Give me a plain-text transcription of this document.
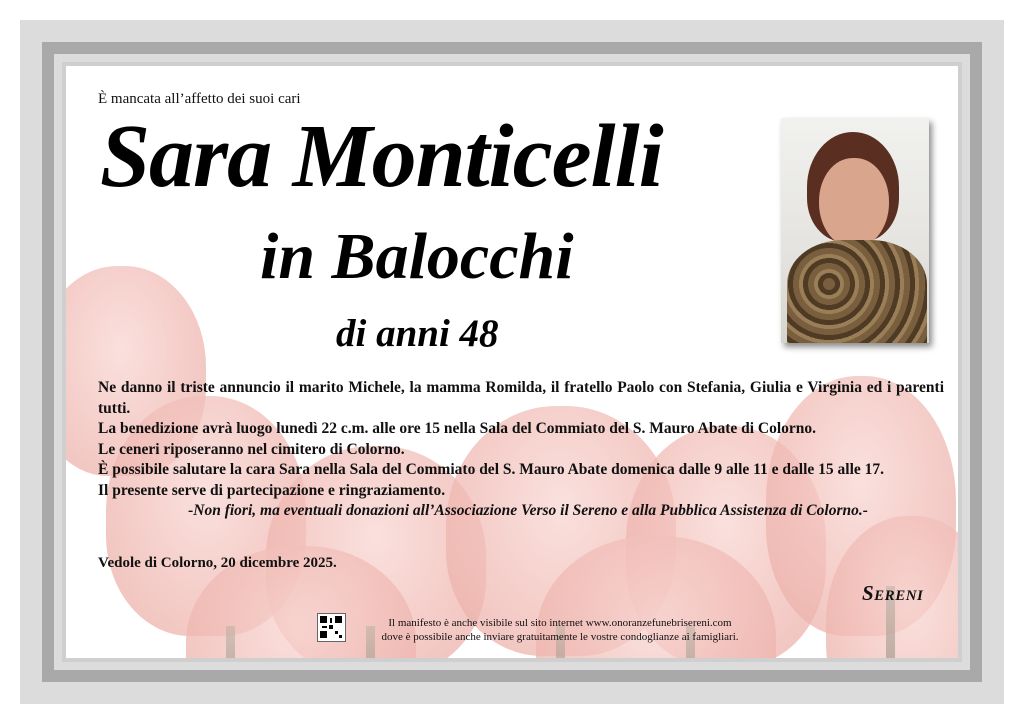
È mancata all’affetto dei suoi cari
Sara Monticelli
in Balocchi
di anni 48

Ne danno il triste annuncio il marito Michele, la mamma Romilda, il fratello Paolo con Stefania, Giulia e Virginia ed i parenti tutti.

La benedizione avrà luogo lunedì 22 c.m. alle ore 15 nella Sala del Commiato del S. Mauro Abate di Colorno.

Le ceneri riposeranno nel cimitero di Colorno.

È possibile salutare la cara Sara nella Sala del Commiato del S. Mauro Abate domenica dalle 9 alle 11 e dalle 15 alle 17.

Il presente serve di partecipazione e ringraziamento.

-Non fiori, ma eventuali donazioni all’Associazione Verso il Sereno e alla Pubblica Assistenza di Colorno.-

Vedole di Colorno, 20 dicembre 2025.
Sereni
Il manifesto è anche visibile sul sito internet www.onoranzefunebrisereni.com
dove è possibile anche inviare gratuitamente le vostre condoglianze ai famigliari.
